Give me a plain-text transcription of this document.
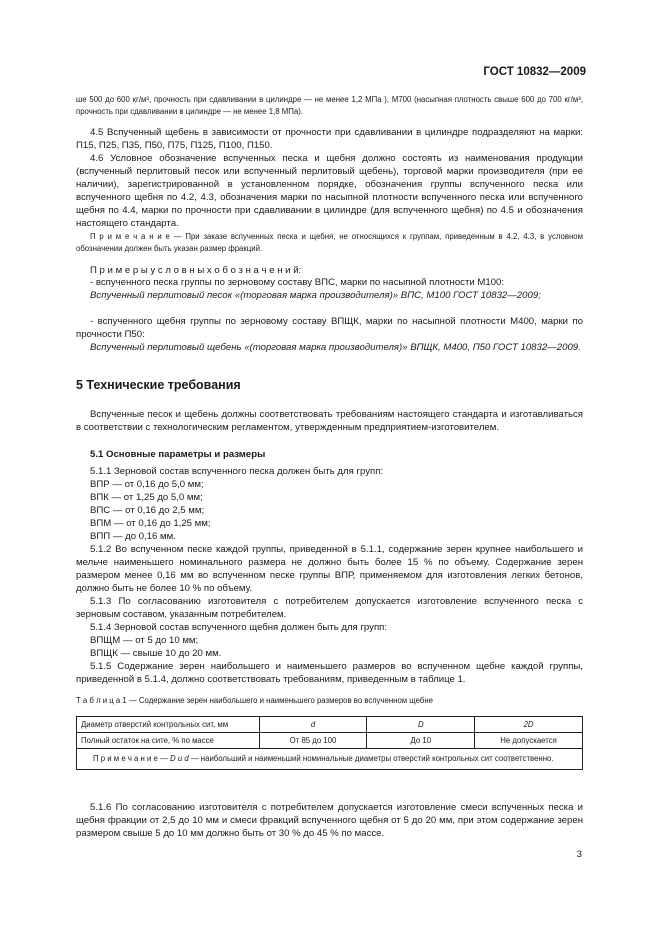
ГОСТ 10832—2009

ше 500 до 600 кг/м³, прочность при сдавливании в цилиндре — не менее 1,2 МПа ), М700 (насыпная плотность свыше 600 до 700 кг/м³, прочность при сдавливании в цилиндре — не менее 1,8 МПа).

4.5 Вспученный щебень в зависимости от прочности при сдавливании в цилиндре подразделяют на марки: П15, П25, П35, П50, П75, П125, П100, П150.

4.6 Условное обозначение вспученных песка и щебня должно состоять из наименования продукции (вспученный перлитовый песок или вспученный перлитовый щебень), торговой марки производителя (при ее наличии), зарегистрированной в установленном порядке, обозначения группы вспученного песка или вспученного щебня по 4.2, 4.3, обозначения марки по насыпной плотности вспученного песка или вспученного щебня по 4.4, марки по прочности при сдавливании в цилиндре (для вспученного щебня) по 4.5 и обозначения настоящего стандарта.

П р и м е ч а н и е — При заказе вспученных песка и щебня, не относящихся к группам, приведенным в 4.2, 4.3, в условном обозначении должен быть указан размер фракций.

П р и м е р ы у с л о в н ы х о б о з н а ч е н и й:

- вспученного песка группы по зерновому составу ВПС, марки по насыпной плотности М100:

Вспученный перлитовый песок «(торговая марка производителя)» ВПС, М100 ГОСТ 10832—2009;

- вспученного щебня группы по зерновому составу ВПЩК, марки по насыпной плотности М400, марки по прочности П50:

Вспученный перлитовый щебень «(торговая марка производителя)» ВПЩК, М400, П50 ГОСТ 10832—2009.

5 Технические требования

Вспученные песок и щебень должны соответствовать требованиям настоящего стандарта и изготавливаться в соответствии с технологическим регламентом, утвержденным предприятием-изготовителем.

5.1 Основные параметры и размеры

5.1.1 Зерновой состав вспученного песка должен быть для групп:

ВПР — от 0,16 до 5,0 мм;

ВПК — от 1,25 до 5,0 мм;

ВПС — от 0,16 до 2,5 мм;

ВПМ — от 0,16 до 1,25 мм;

ВПП — до 0,16 мм.

5.1.2 Во вспученном песке каждой группы, приведенной в 5.1.1, содержание зерен крупнее наибольшего и мельче наименьшего номинального размера не должно быть более 15 % по объему. Содержание зерен размером менее 0,16 мм во вспученном песке группы ВПР, применяемом для изготовления легких бетонов, должно быть не более 10 % по объему.

5.1.3 По согласованию изготовителя с потребителем допускается изготовление вспученного песка с зерновым составом, указанным потребителем.

5.1.4 Зерновой состав вспученного щебня должен быть для групп:

ВПЩМ — от 5 до 10 мм;

ВПЩК — свыше 10 до 20 мм.

5.1.5 Содержание зерен наибольшего и наименьшего размеров во вспученном щебне каждой группы, приведенной в 5.1.4, должно соответствовать требованиям, приведенным в таблице 1.

Т а б л и ц а 1 — Содержание зерен наибольшего и наименьшего размеров во вспученном щебне

Диаметр отверстий контрольных сит, мм	d	D	2D
Полный остаток на сите, % по массе	От 85 до 100	До 10	Не допускается
П р и м е ч а н и е — D и d — наибольший и наименьший номинальные диаметры отверстий контрольных сит соответственно.			

5.1.6 По согласованию изготовителя с потребителем допускается изготовление смеси вспученных песка и щебня фракции от 2,5 до 10 мм и смеси фракций вспученного щебня от 5 до 20 мм, при этом содержание зерен размером свыше 5 до 10 мм должно быть от 30 % до 45 % по массе.

3
